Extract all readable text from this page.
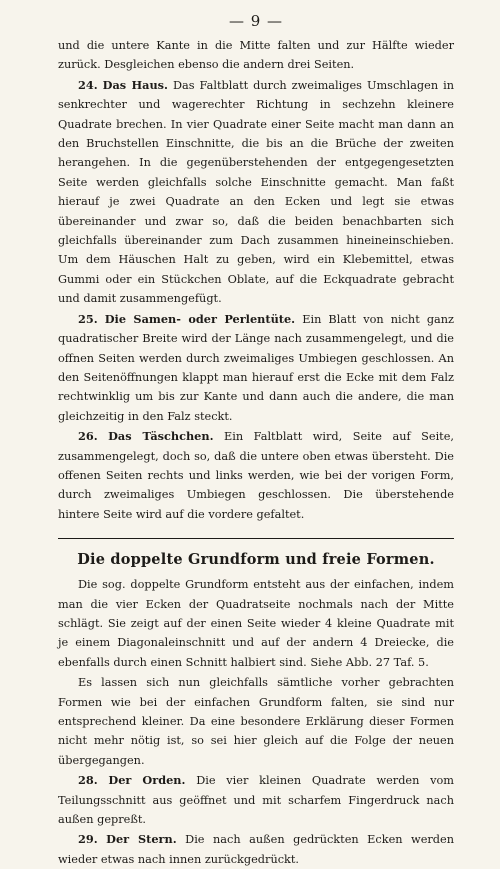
— 9 —

und die untere Kante in die Mitte falten und zur Hälfte wieder zurück. Desgleichen ebenso die andern drei Seiten.

24. Das Haus. Das Faltblatt durch zweimaliges Umschlagen in senkrechter und wagerechter Richtung in sechzehn kleinere Quadrate brechen. In vier Quadrate einer Seite macht man dann an den Bruchstellen Einschnitte, die bis an die Brüche der zweiten herangehen. In die gegenüberstehenden der entgegengesetzten Seite werden gleichfalls solche Einschnitte gemacht. Man faßt hierauf je zwei Quadrate an den Ecken und legt sie etwas übereinander und zwar so, daß die beiden benachbarten sich gleichfalls übereinander zum Dach zusammen hineineinschieben. Um dem Häuschen Halt zu geben, wird ein Klebemittel, etwas Gummi oder ein Stückchen Oblate, auf die Eckquadrate gebracht und damit zusammengefügt.

25. Die Samen- oder Perlentüte. Ein Blatt von nicht ganz quadratischer Breite wird der Länge nach zusammengelegt, und die offnen Seiten werden durch zweimaliges Umbiegen geschlossen. An den Seitenöffnungen klappt man hierauf erst die Ecke mit dem Falz rechtwinklig um bis zur Kante und dann auch die andere, die man gleichzeitig in den Falz steckt.

26. Das Täschchen. Ein Faltblatt wird, Seite auf Seite, zusammengelegt, doch so, daß die untere oben etwas übersteht. Die offenen Seiten rechts und links werden, wie bei der vorigen Form, durch zweimaliges Umbiegen geschlossen. Die überstehende hintere Seite wird auf die vordere gefaltet.

Die doppelte Grundform und freie Formen.

Die sog. doppelte Grundform entsteht aus der einfachen, indem man die vier Ecken der Quadratseite nochmals nach der Mitte schlägt. Sie zeigt auf der einen Seite wieder 4 kleine Quadrate mit je einem Diagonaleinschnitt und auf der andern 4 Dreiecke, die ebenfalls durch einen Schnitt halbiert sind. Siehe Abb. 27 Taf. 5.

Es lassen sich nun gleichfalls sämtliche vorher gebrachten Formen wie bei der einfachen Grundform falten, sie sind nur entsprechend kleiner. Da eine besondere Erklärung dieser Formen nicht mehr nötig ist, so sei hier gleich auf die Folge der neuen übergegangen.

28. Der Orden. Die vier kleinen Quadrate werden vom Teilungsschnitt aus geöffnet und mit scharfem Fingerdruck nach außen gepreßt.

29. Der Stern. Die nach außen gedrückten Ecken werden wieder etwas nach innen zurückgedrückt.
